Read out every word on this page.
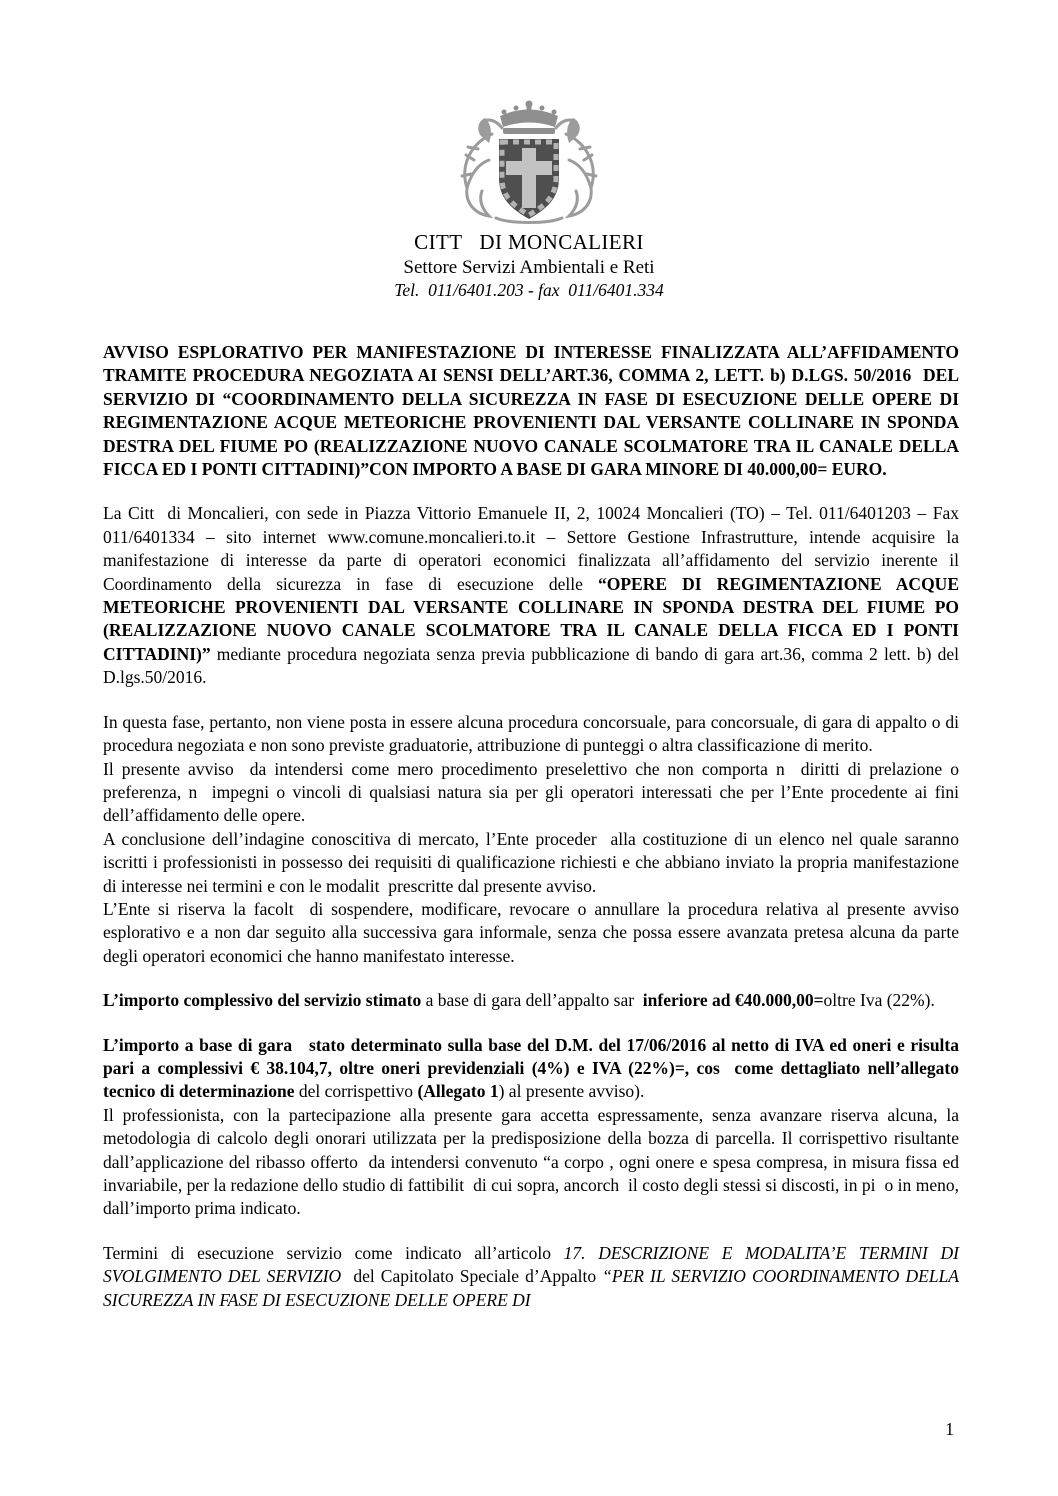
CITT   DI MONCALIERI
Settore Servizi Ambientali e Reti
Tel.  011/6401.203 - fax  011/6401.334

AVVISO ESPLORATIVO PER MANIFESTAZIONE DI INTERESSE FINALIZZATA ALL’AFFIDAMENTO TRAMITE PROCEDURA NEGOZIATA AI SENSI DELL’ART.36, COMMA 2, LETT. b) D.LGS. 50/2016  DEL SERVIZIO DI “COORDINAMENTO DELLA SICUREZZA IN FASE DI ESECUZIONE DELLE OPERE DI REGIMENTAZIONE ACQUE METEORICHE PROVENIENTI DAL VERSANTE COLLINARE IN SPONDA DESTRA DEL FIUME PO (REALIZZAZIONE NUOVO CANALE SCOLMATORE TRA IL CANALE DELLA FICCA ED I PONTI CITTADINI)”CON IMPORTO A BASE DI GARA MINORE DI 40.000,00= EURO.

La Citt  di Moncalieri, con sede in Piazza Vittorio Emanuele II, 2, 10024 Moncalieri (TO) – Tel. 011/6401203 – Fax 011/6401334 – sito internet www.comune.moncalieri.to.it – Settore Gestione Infrastrutture, intende acquisire la manifestazione di interesse da parte di operatori economici finalizzata all’affidamento del servizio inerente il Coordinamento della sicurezza in fase di esecuzione delle “OPERE DI REGIMENTAZIONE ACQUE METEORICHE PROVENIENTI DAL VERSANTE COLLINARE IN SPONDA DESTRA DEL FIUME PO (REALIZZAZIONE NUOVO CANALE SCOLMATORE TRA IL CANALE DELLA FICCA ED I PONTI CITTADINI)” mediante procedura negoziata senza previa pubblicazione di bando di gara art.36, comma 2 lett. b) del D.lgs.50/2016.

In questa fase, pertanto, non viene posta in essere alcuna procedura concorsuale, para concorsuale, di gara di appalto o di procedura negoziata e non sono previste graduatorie, attribuzione di punteggi o altra classificazione di merito.

Il presente avviso  da intendersi come mero procedimento preselettivo che non comporta n  diritti di prelazione o preferenza, n  impegni o vincoli di qualsiasi natura sia per gli operatori interessati che per l’Ente procedente ai fini dell’affidamento delle opere.

A conclusione dell’indagine conoscitiva di mercato, l’Ente proceder  alla costituzione di un elenco nel quale saranno iscritti i professionisti in possesso dei requisiti di qualificazione richiesti e che abbiano inviato la propria manifestazione di interesse nei termini e con le modalit  prescritte dal presente avviso.

L’Ente si riserva la facolt  di sospendere, modificare, revocare o annullare la procedura relativa al presente avviso esplorativo e a non dar seguito alla successiva gara informale, senza che possa essere avanzata pretesa alcuna da parte degli operatori economici che hanno manifestato interesse.

L’importo complessivo del servizio stimato a base di gara dell’appalto sar  inferiore ad €40.000,00=oltre Iva (22%).

L’importo a base di gara   stato determinato sulla base del D.M. del 17/06/2016 al netto di IVA ed oneri e risulta pari a complessivi € 38.104,7, oltre oneri previdenziali (4%) e IVA (22%)=, cos  come dettagliato nell’allegato tecnico di determinazione del corrispettivo (Allegato 1) al presente avviso).

Il professionista, con la partecipazione alla presente gara accetta espressamente, senza avanzare riserva alcuna, la metodologia di calcolo degli onorari utilizzata per la predisposizione della bozza di parcella. Il corrispettivo risultante dall’applicazione del ribasso offerto  da intendersi convenuto “a corpo , ogni onere e spesa compresa, in misura fissa ed invariabile, per la redazione dello studio di fattibilit  di cui sopra, ancorch  il costo degli stessi si discosti, in pi  o in meno, dall’importo prima indicato.

Termini di esecuzione servizio come indicato all’articolo 17. DESCRIZIONE E MODALITA’E TERMINI DI SVOLGIMENTO DEL SERVIZIO  del Capitolato Speciale d’Appalto “PER IL SERVIZIO COORDINAMENTO DELLA SICUREZZA IN FASE DI ESECUZIONE DELLE OPERE DI

1
